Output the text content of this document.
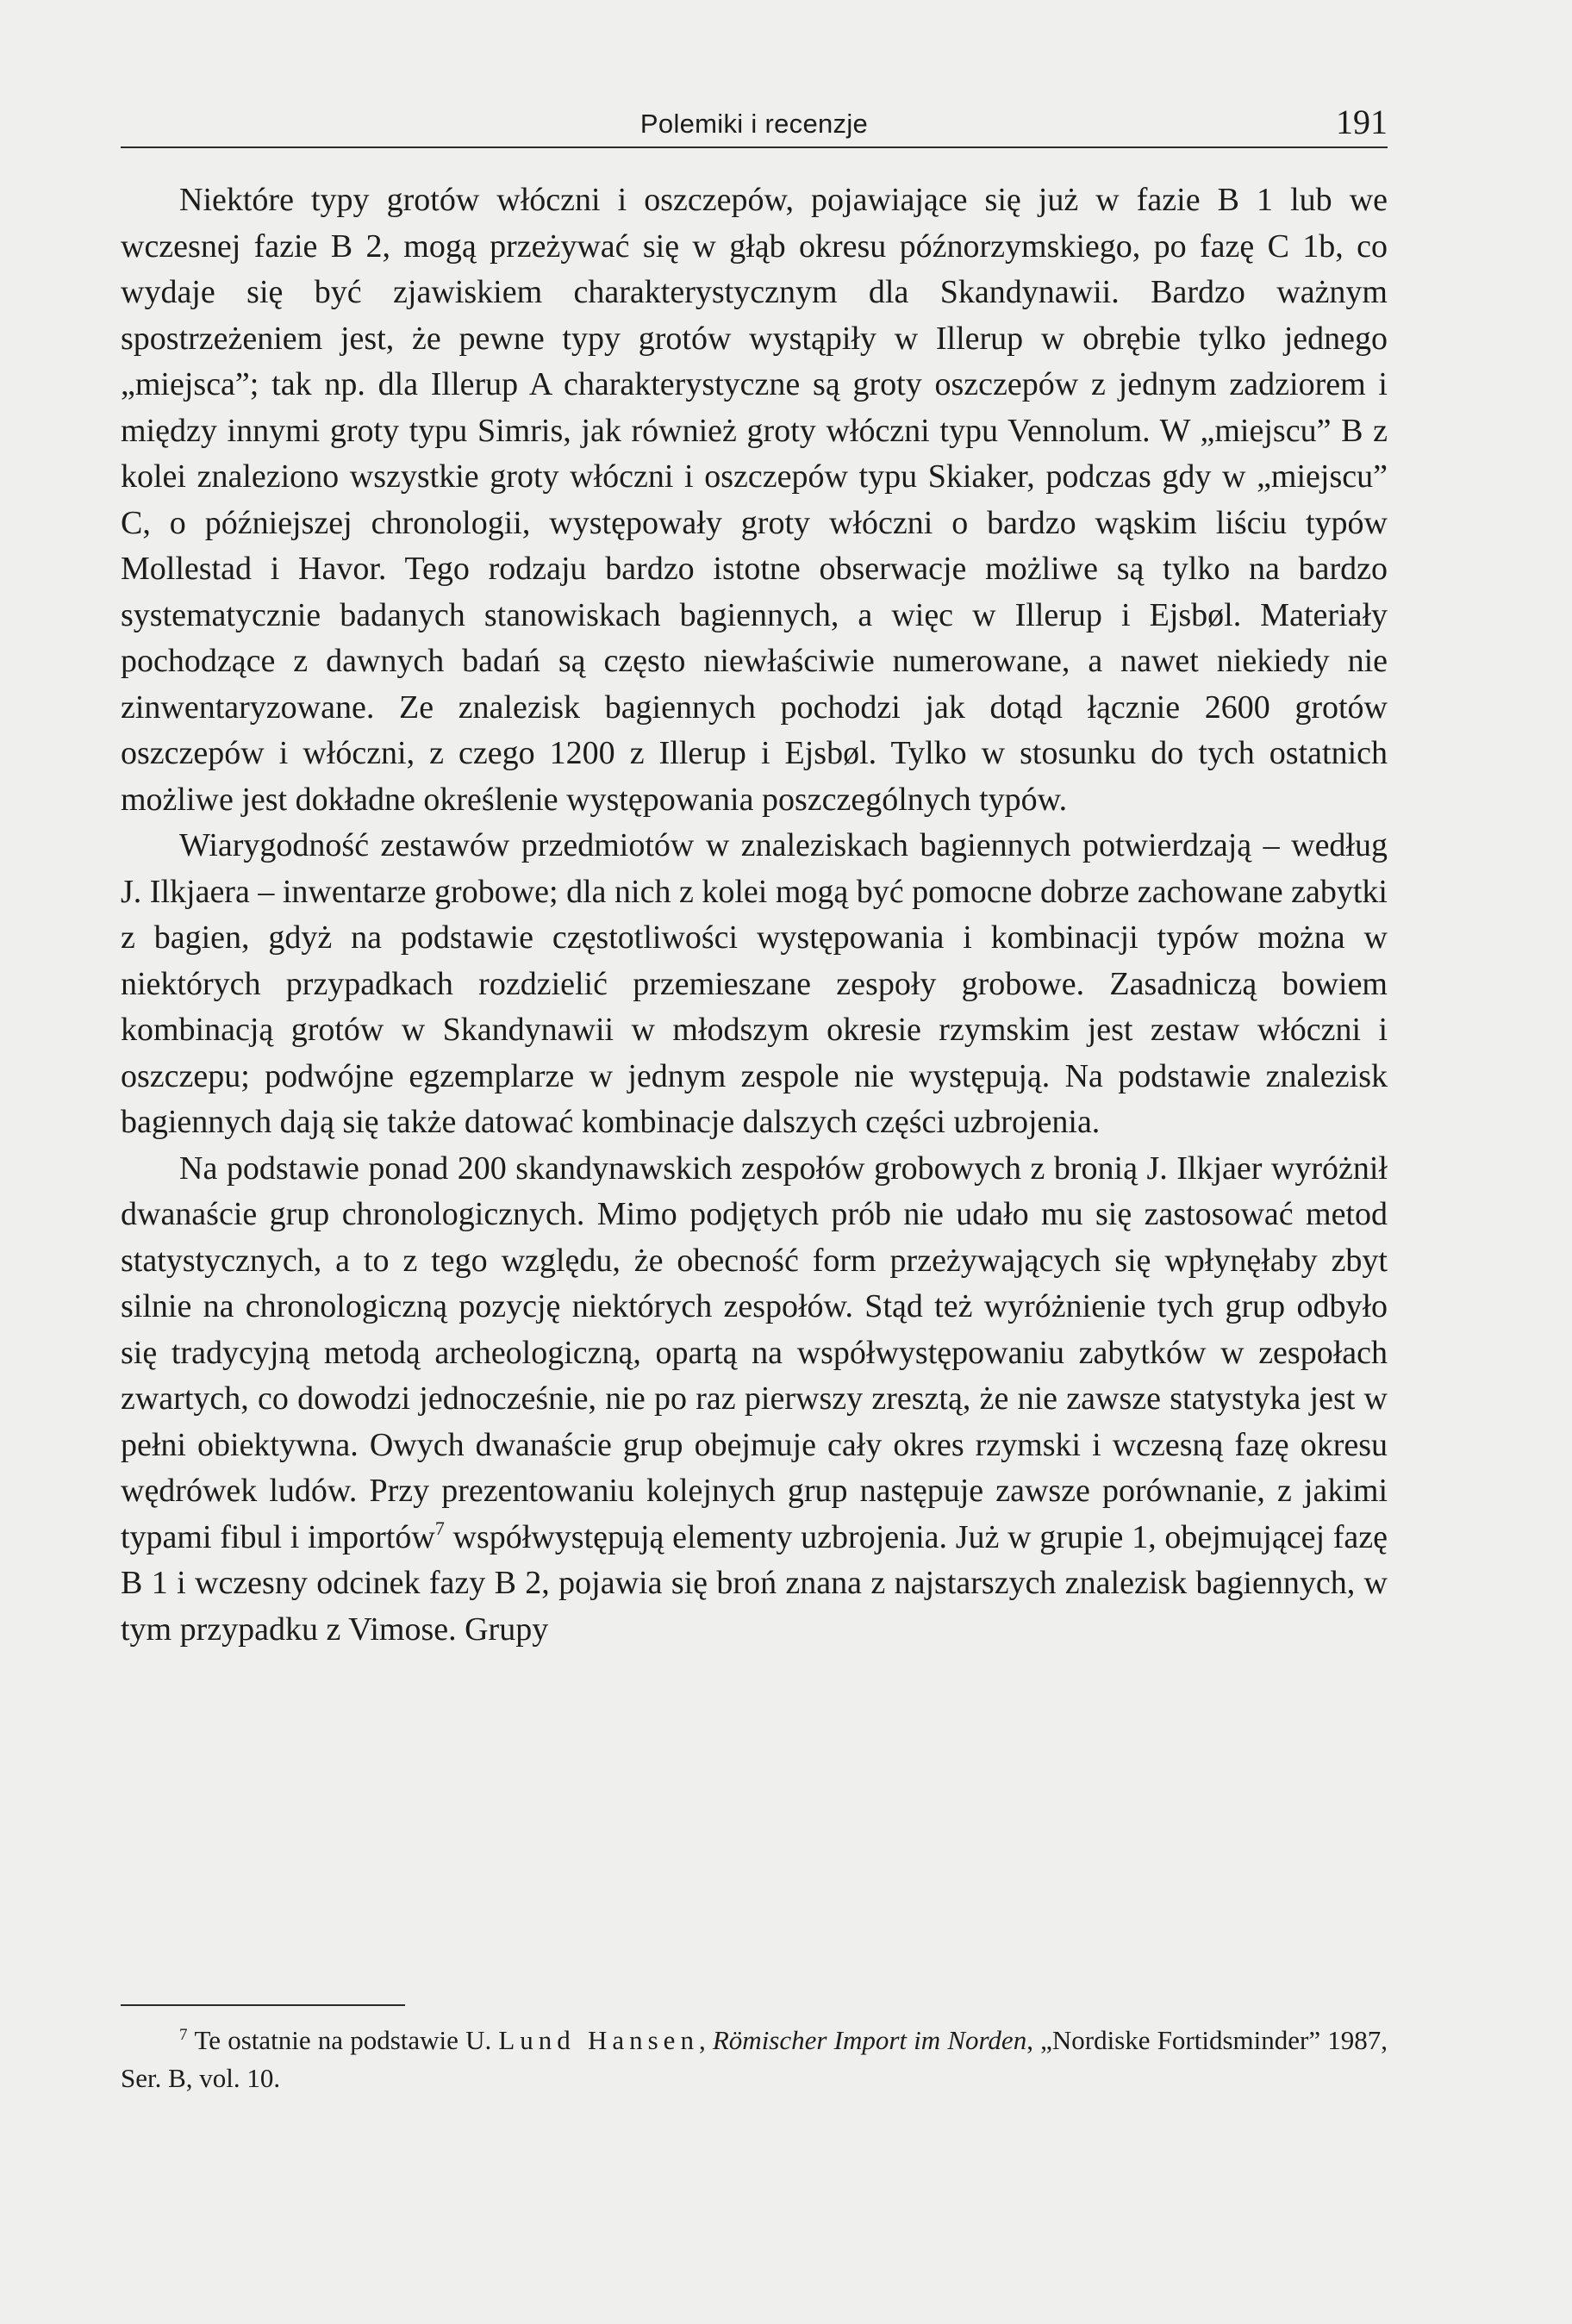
Polemiki i recenzje	191

Niektóre typy grotów włóczni i oszczepów, pojawiające się już w fazie B 1 lub we wczesnej fazie B 2, mogą przeżywać się w głąb okresu późnorzymskiego, po fazę C 1b, co wydaje się być zjawiskiem charakterystycznym dla Skandynawii. Bardzo ważnym spostrzeżeniem jest, że pewne typy grotów wystąpiły w Illerup w obrębie tylko jednego „miejsca”; tak np. dla Illerup A charakterystyczne są groty oszczepów z jednym zadziorem i między innymi groty typu Simris, jak również groty włóczni typu Vennolum. W „miejscu” B z kolei znaleziono wszystkie groty włóczni i oszczepów typu Skiaker, podczas gdy w „miejscu” C, o późniejszej chronologii, występowały groty włóczni o bardzo wąskim liściu typów Mollestad i Havor. Tego rodzaju bardzo istotne obserwacje możliwe są tylko na bardzo systematycznie badanych stanowiskach bagiennych, a więc w Illerup i Ejsbøl. Materiały pochodzące z dawnych badań są często niewłaściwie numerowane, a nawet niekiedy nie zinwentaryzowane. Ze znalezisk bagiennych pochodzi jak dotąd łącznie 2600 grotów oszczepów i włóczni, z czego 1200 z Illerup i Ejsbøl. Tylko w stosunku do tych ostatnich możliwe jest dokładne określenie występowania poszczególnych typów.

Wiarygodność zestawów przedmiotów w znaleziskach bagiennych potwierdzają – według J. Ilkjaera – inwentarze grobowe; dla nich z kolei mogą być pomocne dobrze zachowane zabytki z bagien, gdyż na podstawie częstotliwości występowania i kombinacji typów można w niektórych przypadkach rozdzielić przemieszane zespoły grobowe. Zasadniczą bowiem kombinacją grotów w Skandynawii w młodszym okresie rzymskim jest zestaw włóczni i oszczepu; podwójne egzemplarze w jednym zespole nie występują. Na podstawie znalezisk bagiennych dają się także datować kombinacje dalszych części uzbrojenia.

Na podstawie ponad 200 skandynawskich zespołów grobowych z bronią J. Ilkjaer wyróżnił dwanaście grup chronologicznych. Mimo podjętych prób nie udało mu się zastosować metod statystycznych, a to z tego względu, że obecność form przeżywających się wpłynęłaby zbyt silnie na chronologiczną pozycję niektórych zespołów. Stąd też wyróżnienie tych grup odbyło się tradycyjną metodą archeologiczną, opartą na współwystępowaniu zabytków w zespołach zwartych, co dowodzi jednocześnie, nie po raz pierwszy zresztą, że nie zawsze statystyka jest w pełni obiektywna. Owych dwanaście grup obejmuje cały okres rzymski i wczesną fazę okresu wędrówek ludów. Przy prezentowaniu kolejnych grup następuje zawsze porównanie, z jakimi typami fibul i importów$^7$ współwystępują elementy uzbrojenia. Już w grupie 1, obejmującej fazę B 1 i wczesny odcinek fazy B 2, pojawia się broń znana z najstarszych znalezisk bagiennych, w tym przypadku z Vimose. Grupy

$^7$ Te ostatnie na podstawie U. Lund Hansen, Römischer Import im Norden, „Nordiske Fortidsminder” 1987, Ser. B, vol. 10.
